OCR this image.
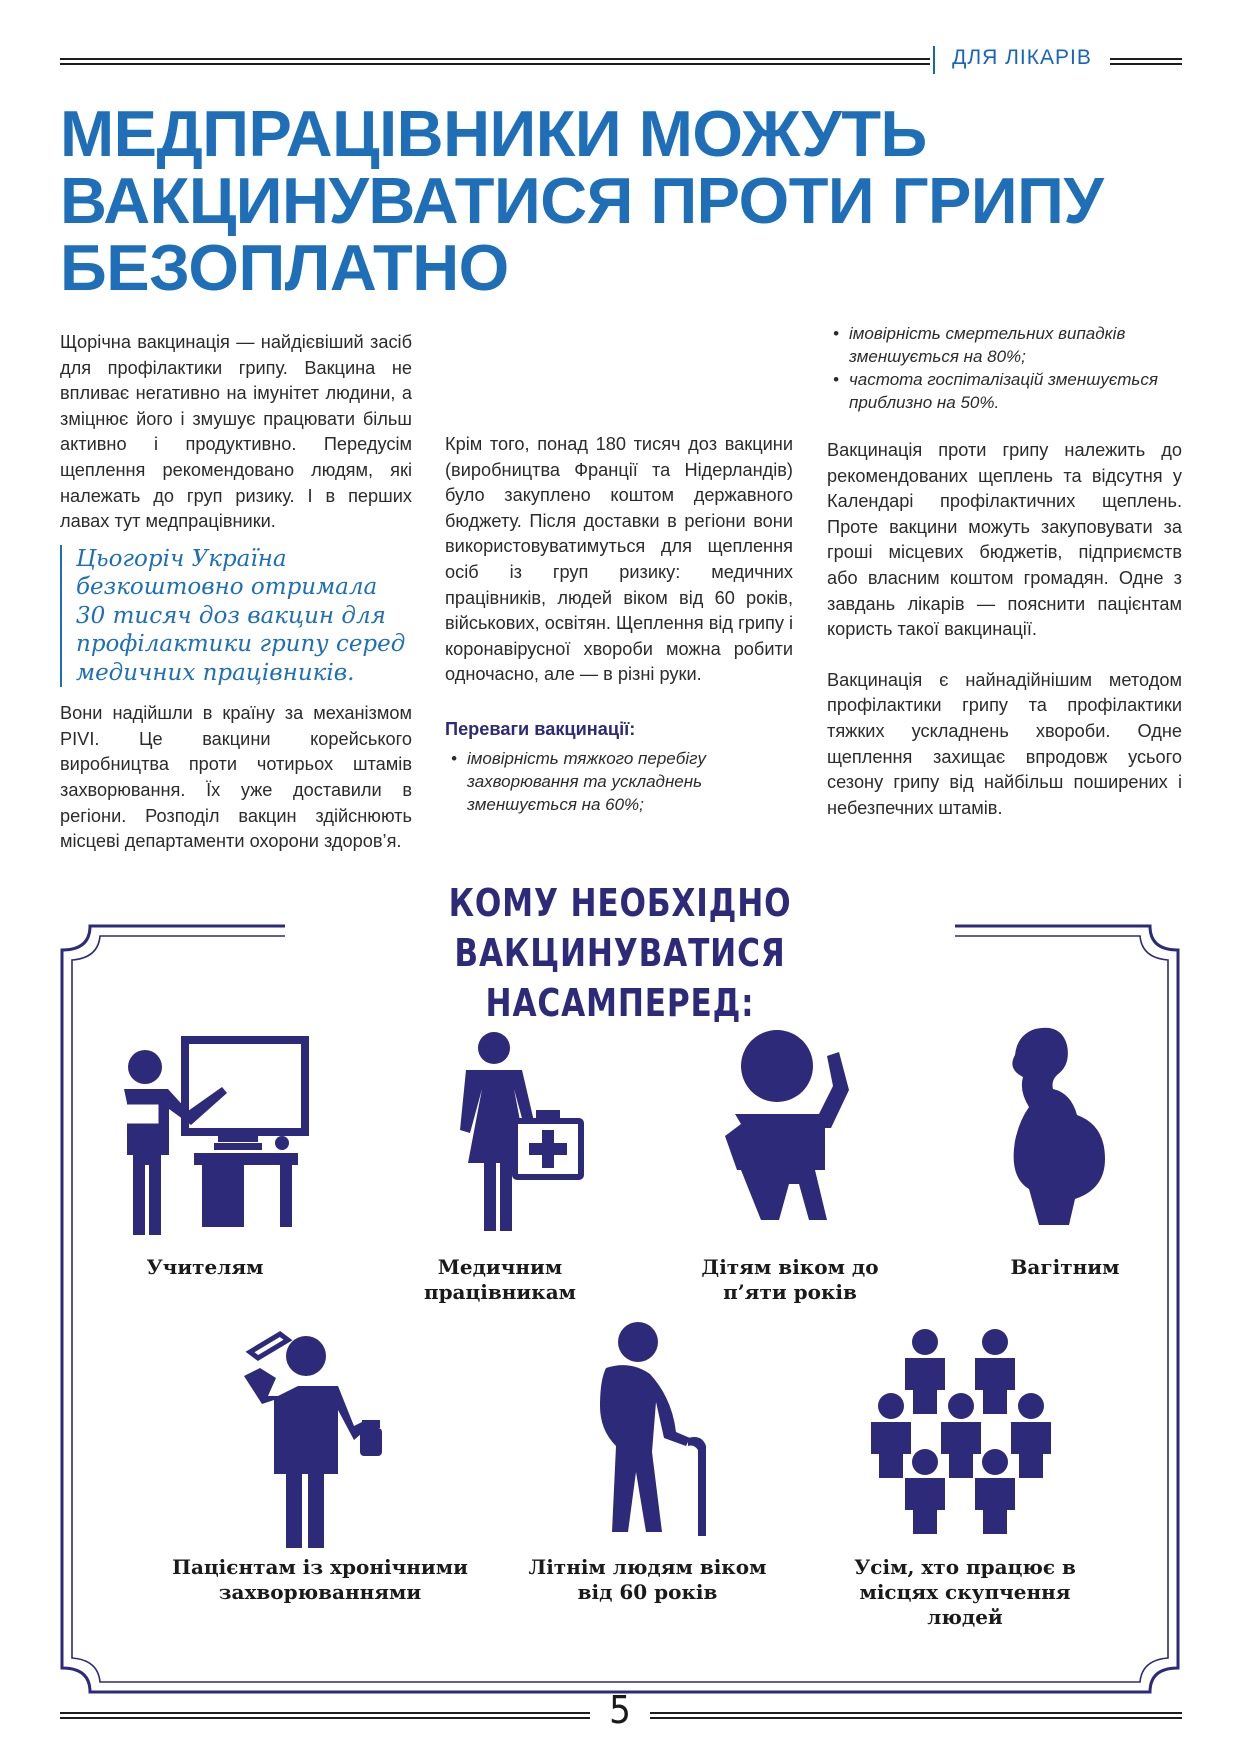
ДЛЯ ЛІКАРІВ
МЕДПРАЦІВНИКИ МОЖУТЬ ВАКЦИНУВАТИСЯ ПРОТИ ГРИПУ БЕЗОПЛАТНО

Щорічна вакцинація — найдієвіший засіб для профілактики грипу. Вакцина не впливає негативно на імунітет людини, а зміцнює його і змушує працювати більш активно і продуктивно. Передусім щеплення рекомендовано людям, які належать до груп ризику. І в перших лавах тут медпрацівники.

Цьогоріч Україна безкоштовно отримала 30 тисяч доз вакцин для профілактики грипу серед медичних працівників.

Вони надійшли в країну за механізмом PIVI. Це вакцини корейського виробництва проти чотирьох штамів захворювання. Їх уже доставили в регіони. Розподіл вакцин здійснюють місцеві департаменти охорони здоров’я.

Крім того, понад 180 тисяч доз вакцини (виробництва Франції та Нідерландів) було закуплено коштом державного бюджету. Після доставки в регіони вони використовуватимуться для щеплення осіб із груп ризику: медичних працівників, людей віком від 60 років, військових, освітян. Щеплення від грипу і коронавірусної хвороби можна робити одночасно, але — в різні руки.

Переваги вакцинації:
• імовірність тяжкого перебігу захворювання та ускладнень зменшується на 60%;
• імовірність смертельних випадків зменшується на 80%;
• частота госпіталізацій зменшується приблизно на 50%.

Вакцинація проти грипу належить до рекомендованих щеплень та відсутня у Календарі профілактичних щеплень. Проте вакцини можуть закуповувати за гроші місцевих бюджетів, підприємств або власним коштом громадян. Одне з завдань лікарів — пояснити пацієнтам користь такої вакцинації.

Вакцинація є найнадійнішим методом профілактики грипу та профілактики тяжких ускладнень хвороби. Одне щеплення захищає впродовж усього сезону грипу від найбільш поширених і небезпечних штамів.

КОМУ НЕОБХІДНО ВАКЦИНУВАТИСЯ НАСАМПЕРЕД:
Учителям	Медичним працівникам
Дітям віком до п’яти років
Вагітним
Пацієнтам із хронічними захворюваннями
Літнім людям віком від 60 років
Усім, хто працює в місцях скупчення людей
5
